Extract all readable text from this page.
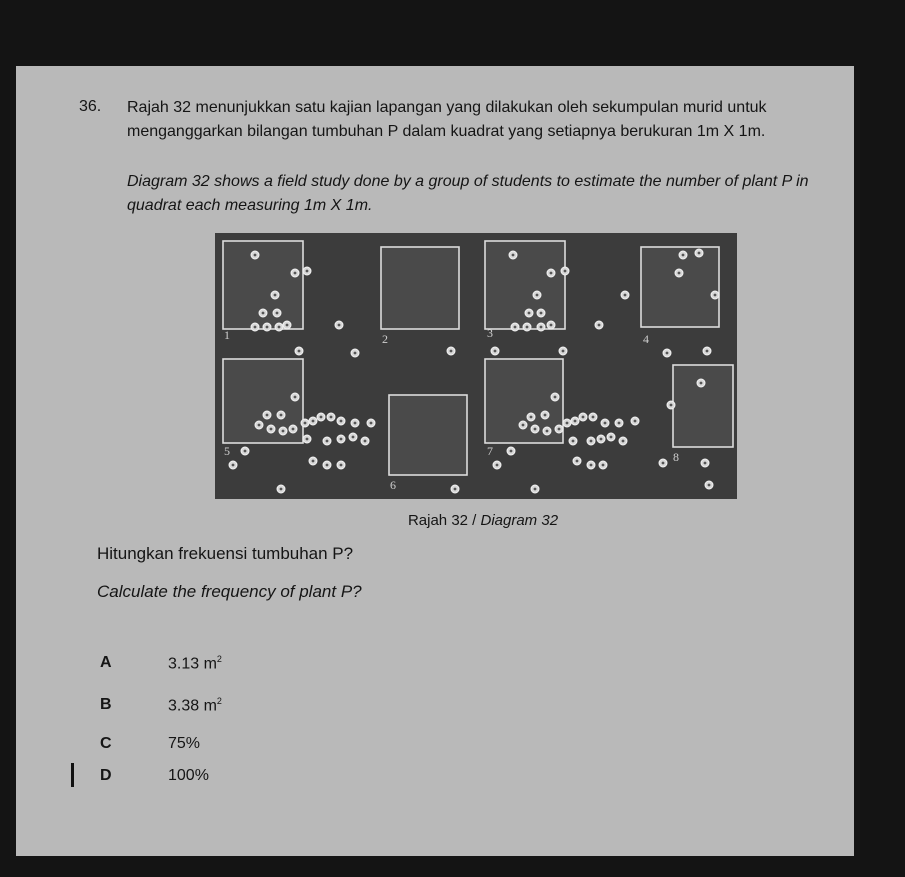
36. Rajah 32 menunjukkan satu kajian lapangan yang dilakukan oleh sekumpulan murid untuk menganggarkan bilangan tumbuhan P dalam kuadrat yang setiapnya berukuran 1m X 1m.
Diagram 32 shows a field study done by a group of students to estimate the number of plant P in quadrat each measuring 1m X 1m.
1	2	3	4
5
6
7	8
Rajah 32 / Diagram 32
Hitungkan frekuensi tumbuhan P?
Calculate the frequency of plant P?
A	3.13 $m^2$
B	3.38 $m^2$
C	75%
D	100%
